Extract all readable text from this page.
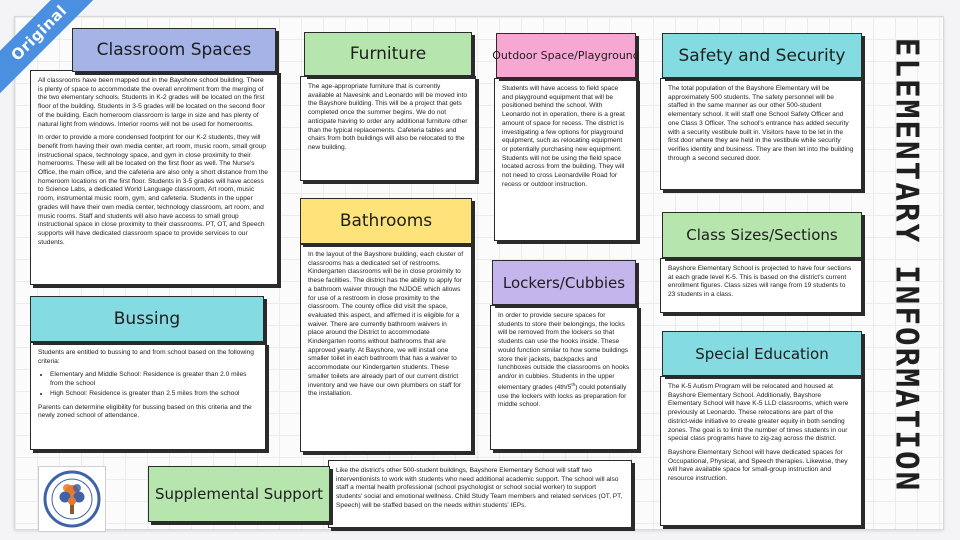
Original

All classrooms have been mapped out in the Bayshore school building. There is plenty of space to accommodate the overall enrollment from the merging of the two elementary schools. Students in K-2 grades will be located on the first floor of the building. Students in 3-5 grades will be located on the second floor of the building. Each homeroom classroom is large in size and has plenty of natural light from windows. Interior rooms will not be used for homerooms.

In order to provide a more condensed footprint for our K-2 students, they will benefit from having their own media center, art room, music room, small group instructional space, technology space, and gym in close proximity to their homerooms. These will all be located on the first floor as well. The Nurse's Office, the main office, and the cafeteria are also only a short distance from the homeroom locations on the first floor. Students in 3-5 grades will have access to Science Labs, a dedicated World Language classroom, Art room, music room, instrumental music room, gym, and cafeteria. Students in the upper grades will have their own media center, technology classroom, art room, and music rooms. Staff and students will also have access to small group instructional space in close proximity to their classrooms. PT, OT, and Speech supports will have dedicated classroom space to provide services to our students.

Classroom Spaces

The age-appropriate furniture that is currently available at Navesink and Leonardo will be moved into the Bayshore building. This will be a project that gets completed once the summer begins. We do not anticipate having to order any additional furniture other than the typical replacements. Cafeteria tables and chairs from both buildings will also be relocated to the new building.

Furniture

Students will have access to field space and playground equipment that will be positioned behind the school. With Leonardo not in operation, there is a great amount of space for recess. The district is investigating a few options for playground equipment, such as relocating equipment or potentially purchasing new equipment. Students will not be using the field space located across from the building. They will not need to cross Leonardville Road for recess or outdoor instruction.

Outdoor Space/Playground

The total population of the Bayshore Elementary will be approximately 500 students. The safety personnel will be staffed in the same manner as our other 500-student elementary school. It will staff one School Safety Officer and one Class 3 Officer. The school's entrance has added security with a security vestibule built in. Visitors have to be let in the first door where they are held in the vestibule while security verifies identity and business. They are then let into the building through a second secured door.

Safety and Security

In the layout of the Bayshore building, each cluster of classrooms has a dedicated set of restrooms. Kindergarten classrooms will be in close proximity to these facilities. The district has the ability to apply for a bathroom waiver through the NJDOE which allows for use of a restroom in close proximity to the classroom. The county office did visit the space, evaluated this aspect, and affirmed it is eligible for a waiver. There are currently bathroom waivers in place around the District to accommodate Kindergarten rooms without bathrooms that are approved yearly. At Bayshore, we will install one smaller toilet in each bathroom that has a waiver to accommodate our Kindergarten students. These smaller toilets are already part of our current district inventory and we have our own plumbers on staff for the installation.

Bathrooms

In order to provide secure spaces for students to store their belongings, the locks will be removed from the lockers so that students can use the hooks inside. These would function similar to how some buildings store their jackets, backpacks and lunchboxes outside the classrooms on hooks and/or in cubbies. Students in the upper elementary grades (4th/5th) could potentially use the lockers with locks as preparation for middle school.

Lockers/Cubbies

Bayshore Elementary School is projected to have four sections at each grade level K-5. This is based on the district's current enrollment figures. Class sizes will range from 19 students to 23 students in a class.

Class Sizes/Sections

Students are entitled to bussing to and from school based on the following criteria:

• Elementary and Middle School: Residence is greater than 2.0 miles from the school
• High School: Residence is greater than 2.5 miles from the school

Parents can determine eligibility for bussing based on this criteria and the newly zoned school of attendance.

Bussing

The K-5 Autism Program will be relocated and housed at Bayshore Elementary School. Additionally, Bayshore Elementary School will have K-5 LLD classrooms, which were previously at Leonardo. These relocations are part of the district-wide initiative to create greater equity in both sending zones. The goal is to limit the number of times students in our special class programs have to zig-zag across the district.

Bayshore Elementary School will have dedicated spaces for Occupational, Physical, and Speech therapies. Likewise, they will have available space for small-group instruction and resource instruction.

Special Education

Like the district's other 500-student buildings, Bayshore Elementary School will staff two interventionists to work with students who need additional academic support. The school will also staff a mental health professional (school psychologist or school social worker) to support students' social and emotional wellness. Child Study Team members and related services (OT, PT, Speech) will be staffed based on the needs within students' IEPs.

Supplemental Support
ELEMENTARY INFORMATION
